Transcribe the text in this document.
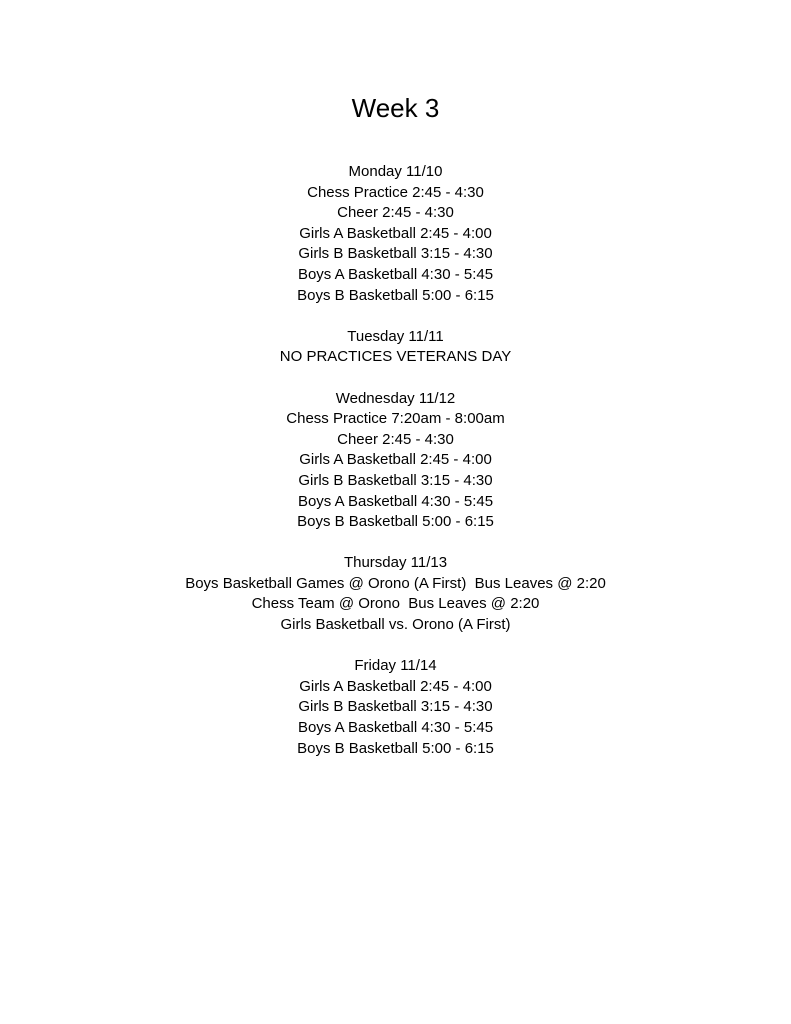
Week 3
Monday 11/10
Chess Practice 2:45 - 4:30
Cheer 2:45 - 4:30
Girls A Basketball 2:45 - 4:00
Girls B Basketball 3:15 - 4:30
Boys A Basketball 4:30 - 5:45
Boys B Basketball 5:00 - 6:15
Tuesday 11/11
NO PRACTICES VETERANS DAY
Wednesday 11/12
Chess Practice 7:20am - 8:00am
Cheer 2:45 - 4:30
Girls A Basketball 2:45 - 4:00
Girls B Basketball 3:15 - 4:30
Boys A Basketball 4:30 - 5:45
Boys B Basketball 5:00 - 6:15
Thursday 11/13
Boys Basketball Games @ Orono (A First)  Bus Leaves @ 2:20
Chess Team @ Orono  Bus Leaves @ 2:20
Girls Basketball vs. Orono (A First)
Friday 11/14
Girls A Basketball 2:45 - 4:00
Girls B Basketball 3:15 - 4:30
Boys A Basketball 4:30 - 5:45
Boys B Basketball 5:00 - 6:15
